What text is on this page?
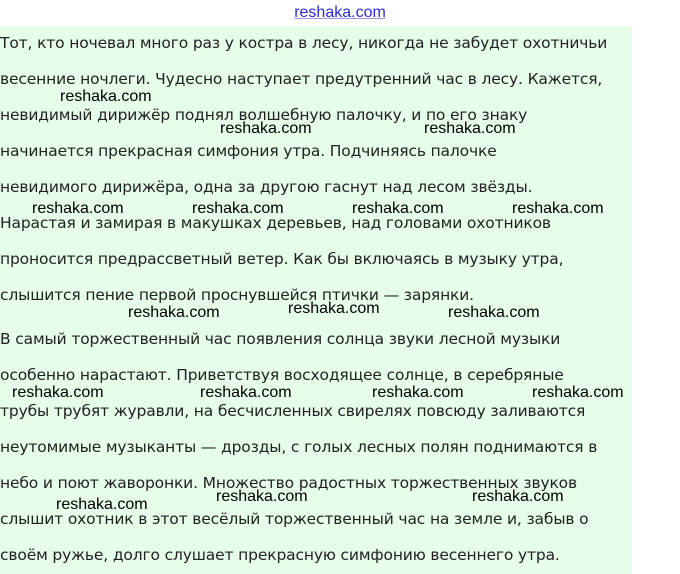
reshaka.com
Тот, кто ночевал много раз у костра в лесу, никогда не забудет охотничьи
весенние ночлеги. Чудесно наступает предутренний час в лесу. Кажется,
невидимый дирижёр поднял волшебную палочку, и по его знаку
начинается прекрасная симфония утра. Подчиняясь палочке
невидимого дирижёра, одна за другою гаснут над лесом звёзды.
Нарастая и замирая в макушках деревьев, над головами охотников
проносится предрассветный ветер. Как бы включаясь в музыку утра,
слышится пение первой проснувшейся птички — зарянки.
В самый торжественный час появления солнца звуки лесной музыки
особенно нарастают. Приветствуя восходящее солнце, в серебряные
трубы трубят журавли, на бесчисленных свирелях повсюду заливаются
неутомимые музыканты — дрозды, с голых лесных полян поднимаются в
небо и поют жаворонки. Множество радостных торжественных звуков
слышит охотник в этот весёлый торжественный час на земле и, забыв о
своём ружье, долго слушает прекрасную симфонию весеннего утра.
reshaka.com
reshaka.com	reshaka.com
reshaka.com	reshaka.com	reshaka.com	reshaka.com
reshaka.com
reshaka.com	reshaka.com
reshaka.com	reshaka.com	reshaka.com	reshaka.com
reshaka.com	reshaka.com
reshaka.com
